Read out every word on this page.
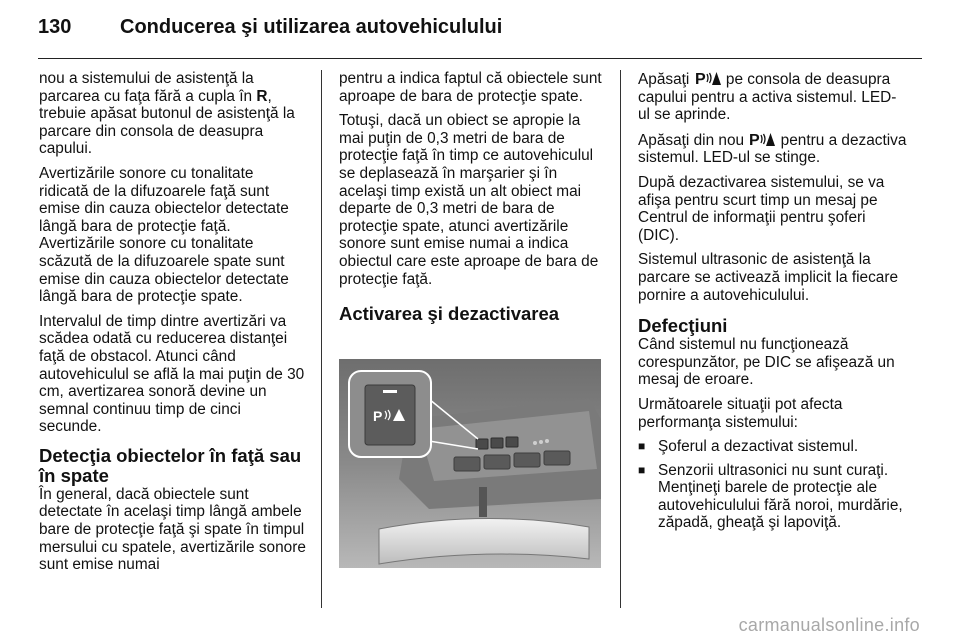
130	Conducerea şi utilizarea autovehiculului

nou a sistemului de asistenţă la parcarea cu faţa fără a cupla în R, trebuie apăsat butonul de asistenţă la parcare din consola de deasupra capului.

Avertizările sonore cu tonalitate ridicată de la difuzoarele faţă sunt emise din cauza obiectelor detectate lângă bara de protecţie faţă.
Avertizările sonore cu tonalitate scăzută de la difuzoarele spate sunt emise din cauza obiectelor detectate lângă bara de protecţie spate.

Intervalul de timp dintre avertizări va scădea odată cu reducerea distanţei faţă de obstacol. Atunci când autovehiculul se află la mai puţin de 30 cm, avertizarea sonoră devine un semnal continuu timp de cinci secunde.

Detecţia obiectelor în faţă sau în spate

În general, dacă obiectele sunt detectate în acelaşi timp lângă ambele bare de protecţie faţă şi spate în timpul mersului cu spatele, avertizările sonore sunt emise numai

pentru a indica faptul că obiectele sunt aproape de bara de protecţie spate.

Totuşi, dacă un obiect se apropie la mai puţin de 0,3 metri de bara de protecţie faţă în timp ce autovehiculul se deplasează în marşarier şi în acelaşi timp există un alt obiect mai departe de 0,3 metri de bara de protecţie spate, atunci avertizările sonore sunt emise numai a indica obiectul care este aproape de bara de protecţie faţă.

Activarea şi dezactivarea
P

Apăsaţi P pe consola de deasupra capului pentru a activa sistemul. LED-ul se aprinde.

Apăsaţi din nou P pentru a dezactiva sistemul. LED-ul se stinge.

După dezactivarea sistemului, se va afişa pentru scurt timp un mesaj pe Centrul de informaţii pentru şoferi (DIC).

Sistemul ultrasonic de asistenţă la parcare se activează implicit la fiecare pornire a autovehiculului.

Defecţiuni

Când sistemul nu funcţionează corespunzător, pe DIC se afişează un mesaj de eroare.

Următoarele situaţii pot afecta performanţa sistemului:

■ Şoferul a dezactivat sistemul.
■ Senzorii ultrasonici nu sunt curaţi. Menţineţi barele de protecţie ale autovehiculului fără noroi, murdărie, zăpadă, gheaţă şi lapoviţă.
carmanualsonline.info
